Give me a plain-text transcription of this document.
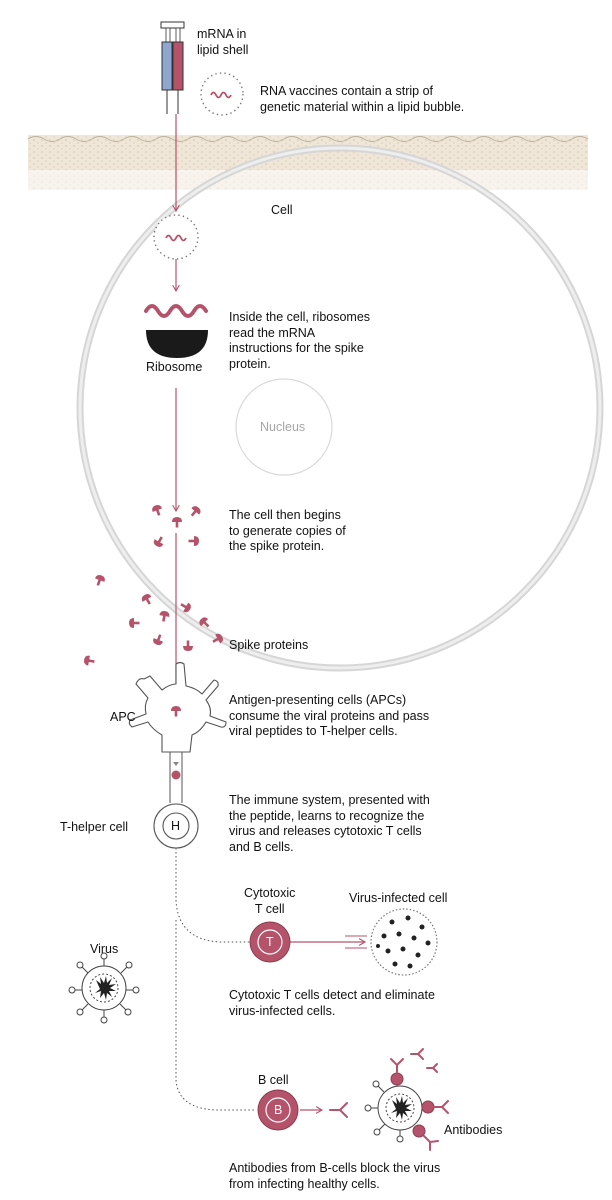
mRNA in
lipid shell

RNA vaccines contain a strip of
genetic material within a lipid bubble.

Cell

Ribosome

Inside the cell, ribosomes
read the mRNA
instructions for the spike
protein.

Nucleus

The cell then begins
to generate copies of
the spike protein.

Spike proteins

APC

Antigen-presenting cells (APCs)
consume the viral proteins and pass
viral peptides to T-helper cells.

T-helper cell	H

The immune system, presented with
the peptide, learns to recognize the
virus and releases cytotoxic T cells
and B cells.

Cytotoxic
T cell

T

Virus-infected cell

Virus

Cytotoxic T cells detect and eliminate
virus-infected cells.

B cell

B

Antibodies

Antibodies from B-cells block the virus
from infecting healthy cells.
